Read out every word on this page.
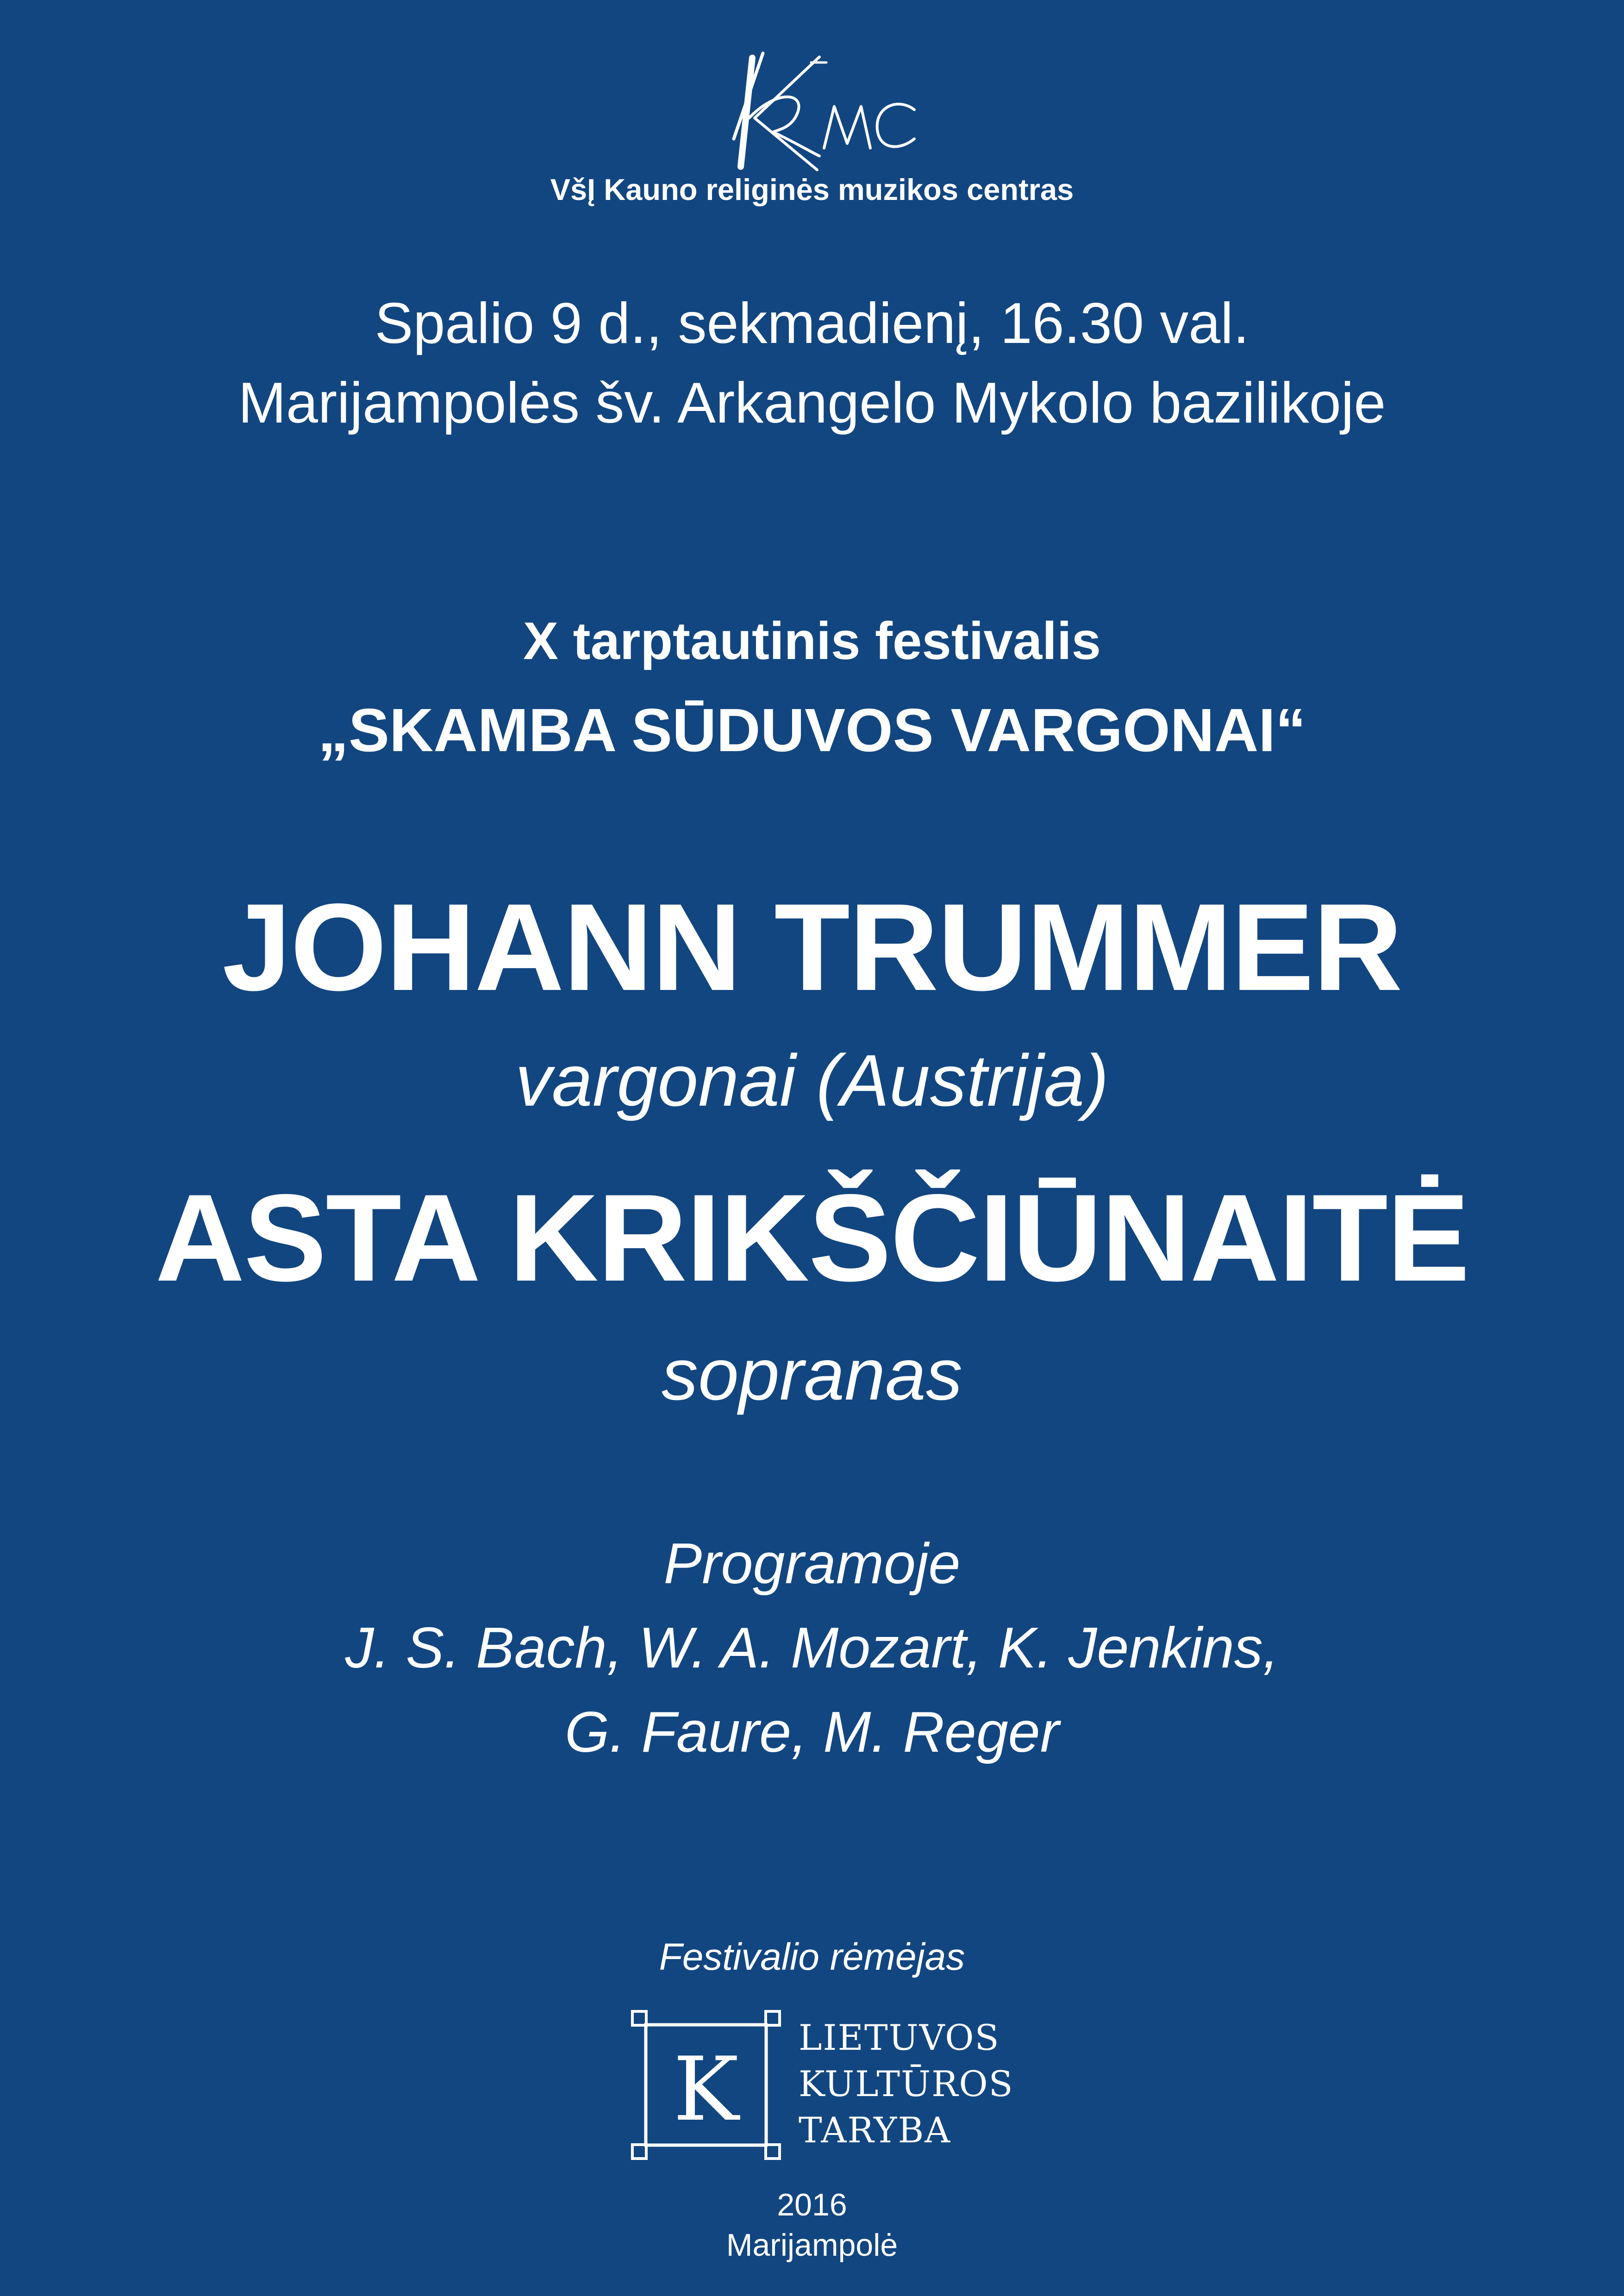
VšĮ Kauno religinės muzikos centras
Spalio 9 d., sekmadienį, 16.30 val.
Marijampolės šv. Arkangelo Mykolo bazilikoje
X tarptautinis festivalis
„SKAMBA SŪDUVOS VARGONAI“
JOHANN TRUMMER
vargonai (Austrija)
ASTA KRIKŠČIŪNAITĖ
sopranas
Programoje
J. S. Bach, W. A. Mozart, K. Jenkins,
G. Faure, M. Reger
Festivalio rėmėjas
K
LIETUVOS
KULTŪROS
TARYBA
2016
Marijampolė
